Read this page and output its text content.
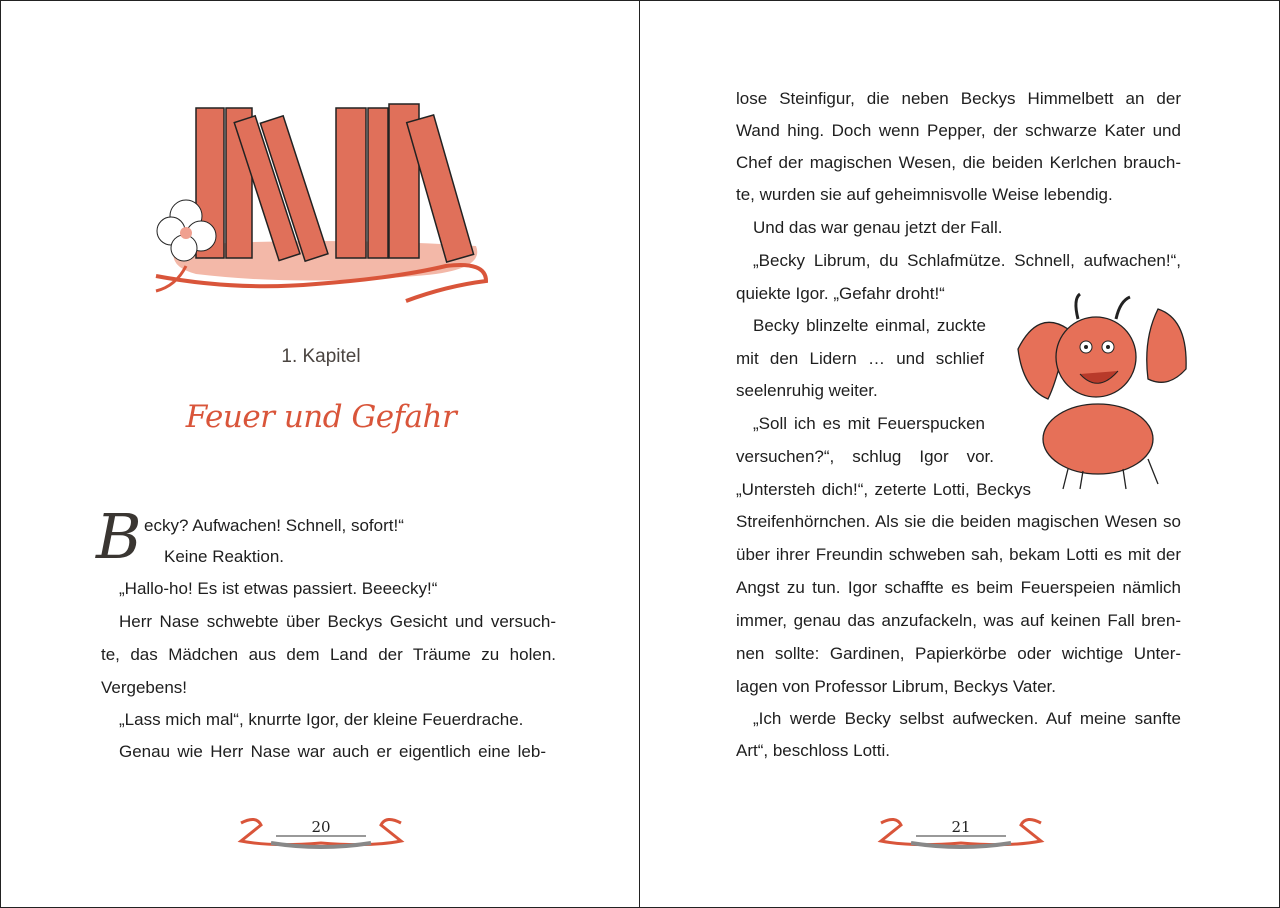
1. Kapitel
Feuer und Gefahr
B ecky? Aufwachen! Schnell, sofort!“
Keine Reaktion.
„Hallo-ho! Es ist etwas passiert. Beeecky!“
Herr Nase schwebte über Beckys Gesicht und versuch-
te, das Mädchen aus dem Land der Träume zu holen.
Vergebens!
„Lass mich mal“, knurrte Igor, der kleine Feuerdrache.
Genau wie Herr Nase war auch er eigentlich eine leb-
20
lose Steinfigur, die neben Beckys Himmelbett an der
Wand hing. Doch wenn Pepper, der schwarze Kater und
Chef der magischen Wesen, die beiden Kerlchen brauch-
te, wurden sie auf geheimnisvolle Weise lebendig.
Und das war genau jetzt der Fall.
„Becky Librum, du Schlafmütze. Schnell, aufwachen!“,
quiekte Igor. „Gefahr droht!“
Becky blinzelte einmal, zuckte
mit den Lidern … und schlief
seelenruhig weiter.
„Soll ich es mit Feuerspucken
versuchen?“, schlug Igor vor.
„Untersteh dich!“, zeterte Lotti, Beckys
Streifenhörnchen. Als sie die beiden magischen Wesen so
über ihrer Freundin schweben sah, bekam Lotti es mit der
Angst zu tun. Igor schaffte es beim Feuerspeien nämlich
immer, genau das anzufackeln, was auf keinen Fall bren-
nen sollte: Gardinen, Papierkörbe oder wichtige Unter-
lagen von Professor Librum, Beckys Vater.
„Ich werde Becky selbst aufwecken. Auf meine sanfte
Art“, beschloss Lotti.
21
